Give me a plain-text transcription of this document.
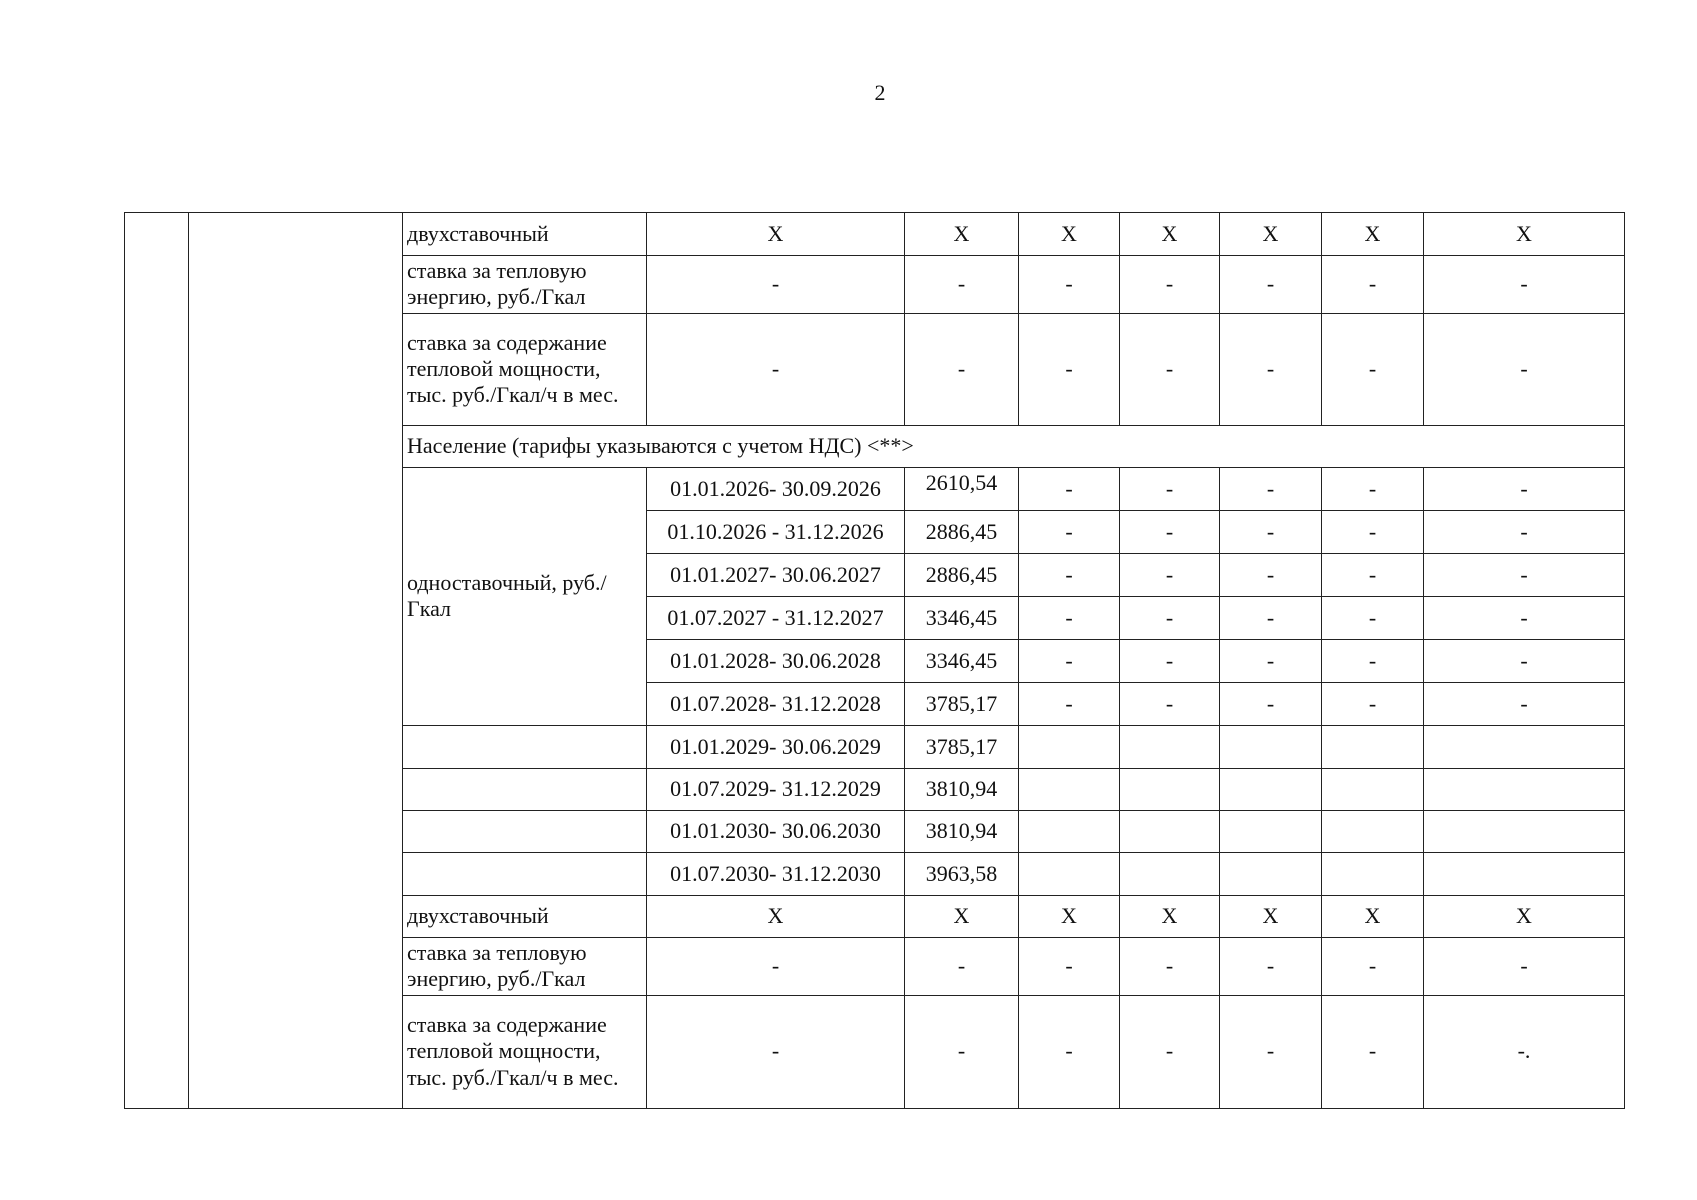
2
		двухставочный	Х	Х	Х	Х	Х	Х	Х
		ставка за тепловую энергию, руб./Гкал	-	-	-	-	-	-	-
		ставка за содержание тепловой мощности, тыс. руб./Гкал/ч в мес.	-	-	-	-	-	-	-
		Население (тарифы указываются с учетом НДС) <**>							
		одноставочный, руб./Гкал	01.01.2026- 30.09.2026	2610,54	-	-	-	-	-
			01.10.2026 - 31.12.2026	2886,45	-	-	-	-	-
			01.01.2027- 30.06.2027	2886,45	-	-	-	-	-
			01.07.2027 - 31.12.2027	3346,45	-	-	-	-	-
			01.01.2028- 30.06.2028	3346,45	-	-	-	-	-
			01.07.2028- 31.12.2028	3785,17	-	-	-	-	-
			01.01.2029- 30.06.2029	3785,17					
			01.07.2029- 31.12.2029	3810,94					
			01.01.2030- 30.06.2030	3810,94					
			01.07.2030- 31.12.2030	3963,58					
		двухставочный	Х	Х	Х	Х	Х	Х	Х
		ставка за тепловую энергию, руб./Гкал	-	-	-	-	-	-	-
		ставка за содержание тепловой мощности, тыс. руб./Гкал/ч в мес.	-	-	-	-	-	-	-.
